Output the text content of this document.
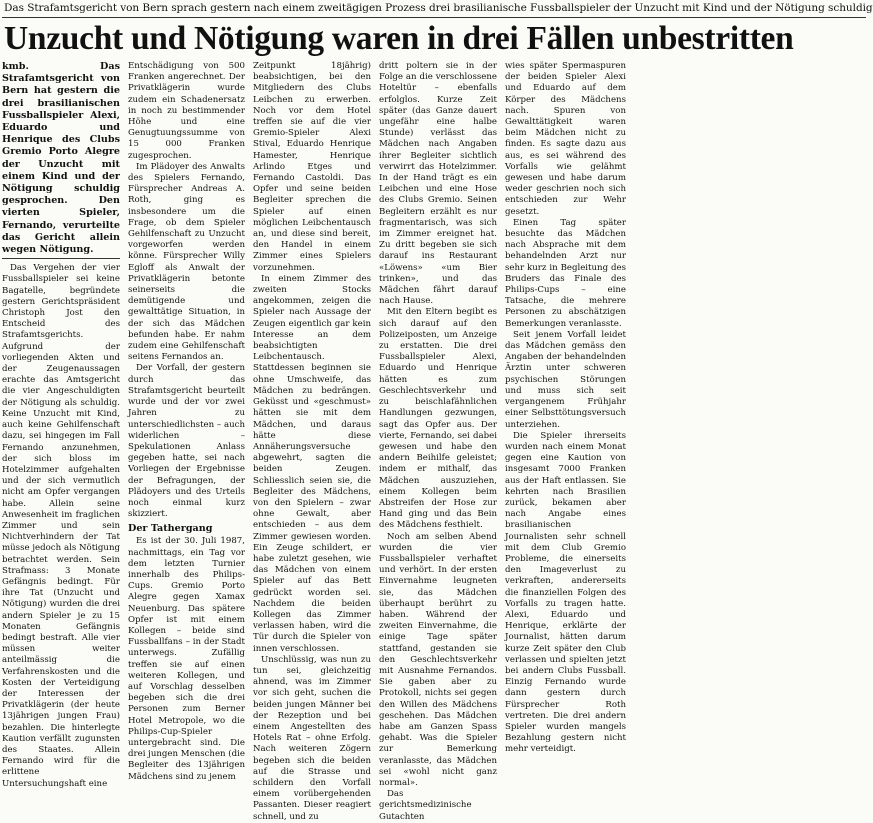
Das Strafamtsgericht von Bern sprach gestern nach einem zweitägigen Prozess drei brasilianische Fussballspieler der Unzucht mit Kind und der Nötigung schuldig
Unzucht und Nötigung waren in drei Fällen unbestritten

kmb. Das Strafamtsgericht von Bern hat gestern die drei brasilianischen Fussballspieler Alexi, Eduardo und Henrique des Clubs Gremio Porto Alegre der Unzucht mit einem Kind und der Nötigung schuldig gesprochen. Den vierten Spieler, Fernando, verurteilte das Gericht allein wegen Nötigung.

Das Vergehen der vier Fussballspieler sei keine Bagatelle, begründete gestern Gerichtspräsident Christoph Jost den Entscheid des Strafamtsgerichts. Aufgrund der vorliegenden Akten und der Zeugenaussagen erachte das Amtsgericht die vier Angeschuldigten der Nötigung als schuldig. Keine Unzucht mit Kind, auch keine Gehilfenschaft dazu, sei hingegen im Fall Fernando anzunehmen, der sich bloss im Hotelzimmer aufgehalten und der sich vermutlich nicht am Opfer vergangen habe. Allein seine Anwesenheit im fraglichen Zimmer und sein Nichtverhindern der Tat müsse jedoch als Nötigung betrachtet werden. Sein Strafmass: 3 Monate Gefängnis bedingt. Für ihre Tat (Unzucht und Nötigung) wurden die drei andern Spieler je zu 15 Monaten Gefängnis bedingt bestraft. Alle vier müssen weiter anteilmässig die Verfahrenskosten und die Kosten der Verteidigung der Interessen der Privatklägerin (der heute 13jährigen jungen Frau) bezahlen. Die hinterlegte Kaution verfällt zugunsten des Staates. Allein Fernando wird für die erlittene Untersuchungshaft eine

Entschädigung von 500 Franken angerechnet. Der Privatklägerin wurde zudem ein Schadenersatz in noch zu bestimmender Höhe und eine Genugtuungssumme von 15 000 Franken zugesprochen.

Im Plädoyer des Anwalts des Spielers Fernando, Fürsprecher Andreas A. Roth, ging es insbesondere um die Frage, ob dem Spieler Gehilfenschaft zu Unzucht vorgeworfen werden könne. Fürsprecher Willy Egloff als Anwalt der Privatklägerin betonte seinerseits die demütigende und gewalttätige Situation, in der sich das Mädchen befunden habe. Er nahm zudem eine Gehilfenschaft seitens Fernandos an.

Der Vorfall, der gestern durch das Strafamtsgericht beurteilt wurde und der vor zwei Jahren zu unterschiedlichsten – auch widerlichen – Spekulationen Anlass gegeben hatte, sei nach Vorliegen der Ergebnisse der Befragungen, der Plädoyers und des Urteils noch einmal kurz skizziert.

Der Tathergang

Es ist der 30. Juli 1987, nachmittags, ein Tag vor dem letzten Turnier innerhalb des Philips-Cups. Gremio Porto Alegre gegen Xamax Neuenburg. Das spätere Opfer ist mit einem Kollegen – beide sind Fussballfans – in der Stadt unterwegs. Zufällig treffen sie auf einen weiteren Kollegen, und auf Vorschlag desselben begeben sich die drei Personen zum Berner Hotel Metropole, wo die Philips-Cup-Spieler untergebracht sind. Die drei jungen Menschen (die Begleiter des 13jährigen Mädchens sind zu jenem

Zeitpunkt 18jährig) beabsichtigen, bei den Mitgliedern des Clubs Leibchen zu erwerben. Noch vor dem Hotel treffen sie auf die vier Gremio-Spieler Alexi Stival, Eduardo Henrique Hamester, Henrique Arlindo Etges und Fernando Castoldi. Das Opfer und seine beiden Begleiter sprechen die Spieler auf einen möglichen Leibchentausch an, und diese sind bereit, den Handel in einem Zimmer eines Spielers vorzunehmen.

In einem Zimmer des zweiten Stocks angekommen, zeigen die Spieler nach Aussage der Zeugen eigentlich gar kein Interesse an dem beabsichtigten Leibchentausch. Stattdessen beginnen sie ohne Umschweife, das Mädchen zu bedrängen. Geküsst und «geschmust» hätten sie mit dem Mädchen, und daraus hätte diese Annäherungsversuche abgewehrt, sagten die beiden Zeugen. Schliesslich seien sie, die Begleiter des Mädchens, von den Spielern – zwar ohne Gewalt, aber entschieden – aus dem Zimmer gewiesen worden. Ein Zeuge schildert, er habe zuletzt gesehen, wie das Mädchen von einem Spieler auf das Bett gedrückt worden sei. Nachdem die beiden Kollegen das Zimmer verlassen haben, wird die Tür durch die Spieler von innen verschlossen.

Unschlüssig, was nun zu tun sei, gleichzeitig ahnend, was im Zimmer vor sich geht, suchen die beiden jungen Männer bei der Rezeption und bei einem Angestellten des Hotels Rat – ohne Erfolg. Nach weiteren Zögern begeben sich die beiden auf die Strasse und schildern den Vorfall einem vorübergehenden Passanten. Dieser reagiert schnell, und zu

dritt poltern sie in der Folge an die verschlossene Hoteltür – ebenfalls erfolglos. Kurze Zeit später (das Ganze dauert ungefähr eine halbe Stunde) verlässt das Mädchen nach Angaben ihrer Begleiter sichtlich verwirrt das Hotelzimmer. In der Hand trägt es ein Leibchen und eine Hose des Clubs Gremio. Seinen Begleitern erzählt es nur fragmentarisch, was sich im Zimmer ereignet hat. Zu dritt begeben sie sich darauf ins Restaurant «Löwens» «um Bier trinken», und das Mädchen fährt darauf nach Hause.

Mit den Eltern begibt es sich darauf auf den Polizeiposten, um Anzeige zu erstatten. Die drei Fussballspieler Alexi, Eduardo und Henrique hätten es zum Geschlechtsverkehr und zu beischlafähnlichen Handlungen gezwungen, sagt das Opfer aus. Der vierte, Fernando, sei dabei gewesen und habe den andern Beihilfe geleistet; indem er mithalf, das Mädchen auszuziehen, einem Kollegen beim Abstreifen der Hose zur Hand ging und das Bein des Mädchens festhielt.

Noch am selben Abend wurden die vier Fussballspieler verhaftet und verhört. In der ersten Einvernahme leugneten sie, das Mädchen überhaupt berührt zu haben. Während der zweiten Einvernahme, die einige Tage später stattfand, gestanden sie den Geschlechtsverkehr mit Ausnahme Fernandos. Sie gaben aber zu Protokoll, nichts sei gegen den Willen des Mädchens geschehen. Das Mädchen habe am Ganzen Spass gehabt. Was die Spieler zur Bemerkung veranlasste, das Mädchen sei «wohl nicht ganz normal».

Das gerichtsmedizinische Gutachten

wies später Spermaspuren der beiden Spieler Alexi und Eduardo auf dem Körper des Mädchens nach. Spuren von Gewalttätigkeit waren beim Mädchen nicht zu finden. Es sagte dazu aus aus, es sei während des Vorfalls wie gelähmt gewesen und habe darum weder geschrien noch sich entschieden zur Wehr gesetzt.

Einen Tag später besuchte das Mädchen nach Absprache mit dem behandelnden Arzt nur sehr kurz in Begleitung des Bruders das Finale des Philips-Cups – eine Tatsache, die mehrere Personen zu abschätzigen Bemerkungen veranlasste.

Seit jenem Vorfall leidet das Mädchen gemäss den Angaben der behandelnden Ärztin unter schweren psychischen Störungen und muss sich seit vergangenem Frühjahr einer Selbsttötungsversuch unterziehen.

Die Spieler ihrerseits wurden nach einem Monat gegen eine Kaution von insgesamt 7000 Franken aus der Haft entlassen. Sie kehrten nach Brasilien zurück, bekamen aber nach Angabe eines brasilianischen Journalisten sehr schnell mit dem Club Gremio Probleme, die einerseits den Imageverlust zu verkraften, andererseits die finanziellen Folgen des Vorfalls zu tragen hatte. Alexi, Eduardo und Henrique, erklärte der Journalist, hätten darum kurze Zeit später den Club verlassen und spielten jetzt bei andern Clubs Fussball. Einzig Fernando wurde dann gestern durch Fürsprecher Roth vertreten. Die drei andern Spieler wurden mangels Bezahlung gestern nicht mehr verteidigt.
